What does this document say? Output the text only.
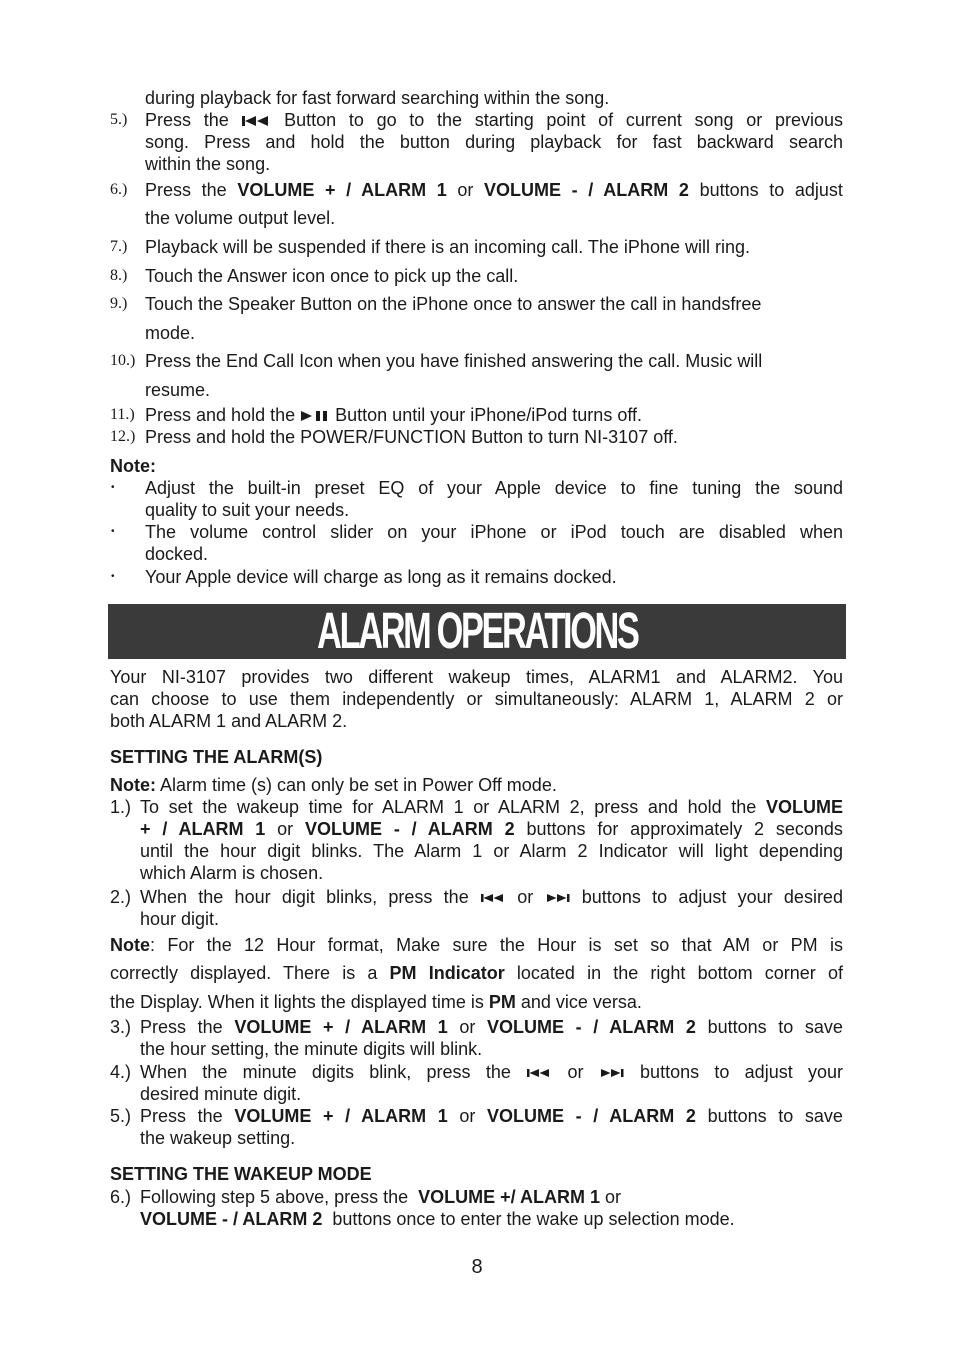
during playback for fast forward searching within the song.
5.) Press the	Button to go to the starting point of current song or previous
song. Press and hold the button during playback for fast backward search
within the song.
6.) Press the VOLUME + / ALARM 1 or VOLUME - / ALARM 2 buttons to adjust
the volume output level.
7.) Playback will be suspended if there is an incoming call. The iPhone will ring.
8.) Touch the Answer icon once to pick up the call.
9.) Touch the Speaker Button on the iPhone once to answer the call in handsfree
mode.
10.) Press the End Call Icon when you have finished answering the call. Music will
resume.
11.) Press and hold the Button until your iPhone/iPod turns off.
12.) Press and hold the POWER/FUNCTION Button to turn NI-3107 off.
Note:
• Adjust the built-in preset EQ of your Apple device to fine tuning the sound
quality to suit your needs.
• The volume control slider on your iPhone or iPod touch are disabled when
docked.
• Your Apple device will charge as long as it remains docked.
ALARM OPERATIONS
Your NI-3107 provides two different wakeup times, ALARM1 and ALARM2. You
can choose to use them independently or simultaneously: ALARM 1, ALARM 2 or
both ALARM 1 and ALARM 2.
SETTING THE ALARM(S)
Note: Alarm time (s) can only be set in Power Off mode.
1.) To set the wakeup time for ALARM 1 or ALARM 2, press and hold the VOLUME
+ / ALARM 1 or VOLUME - / ALARM 2 buttons for approximately 2 seconds
until the hour digit blinks. The Alarm 1 or Alarm 2 Indicator will light depending
which Alarm is chosen.
2.) When the hour digit blinks, press the	or	buttons to adjust your desired
hour digit.
Note: For the 12 Hour format, Make sure the Hour is set so that AM or PM is
correctly displayed. There is a PM Indicator located in the right bottom corner of
the Display. When it lights the displayed time is PM and vice versa.
3.) Press the VOLUME + / ALARM 1 or VOLUME - / ALARM 2 buttons to save
the hour setting, the minute digits will blink.
4.) When the minute digits blink, press the	or	buttons to adjust your
desired minute digit.
5.) Press the VOLUME + / ALARM 1 or VOLUME - / ALARM 2 buttons to save
the wakeup setting.
SETTING THE WAKEUP MODE
6.) Following step 5 above, press the VOLUME +/ ALARM 1 or
VOLUME - / ALARM 2 buttons once to enter the wake up selection mode.
8
